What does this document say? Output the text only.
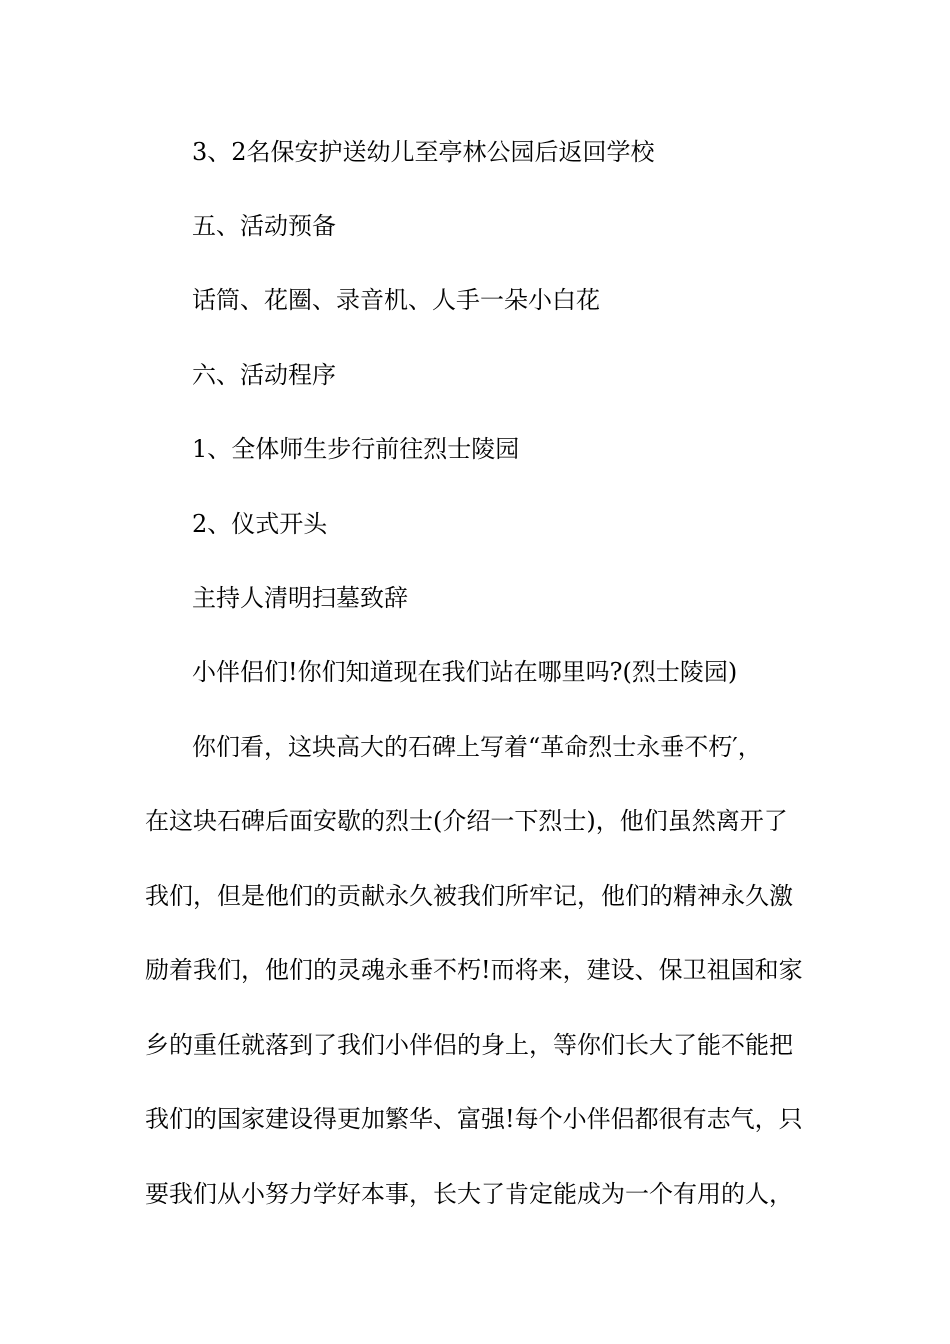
3、2名保安护送幼儿至亭林公园后返回学校
五、活动预备
话筒、花圈、录音机、人手一朵小白花
六、活动程序
1、全体师生步行前往烈士陵园
2、仪式开头
主持人清明扫墓致辞
小伴侣们!你们知道现在我们站在哪里吗?(烈士陵园)
你们看，这块高大的石碑上写着“革命烈士永垂不朽′，
在这块石碑后面安歇的烈士(介绍一下烈士)，他们虽然离开了
我们，但是他们的贡献永久被我们所牢记，他们的精神永久激
励着我们，他们的灵魂永垂不朽!而将来，建设、保卫祖国和家
乡的重任就落到了我们小伴侣的身上，等你们长大了能不能把
我们的国家建设得更加繁华、富强!每个小伴侣都很有志气，只
要我们从小努力学好本事，长大了肯定能成为一个有用的人，
